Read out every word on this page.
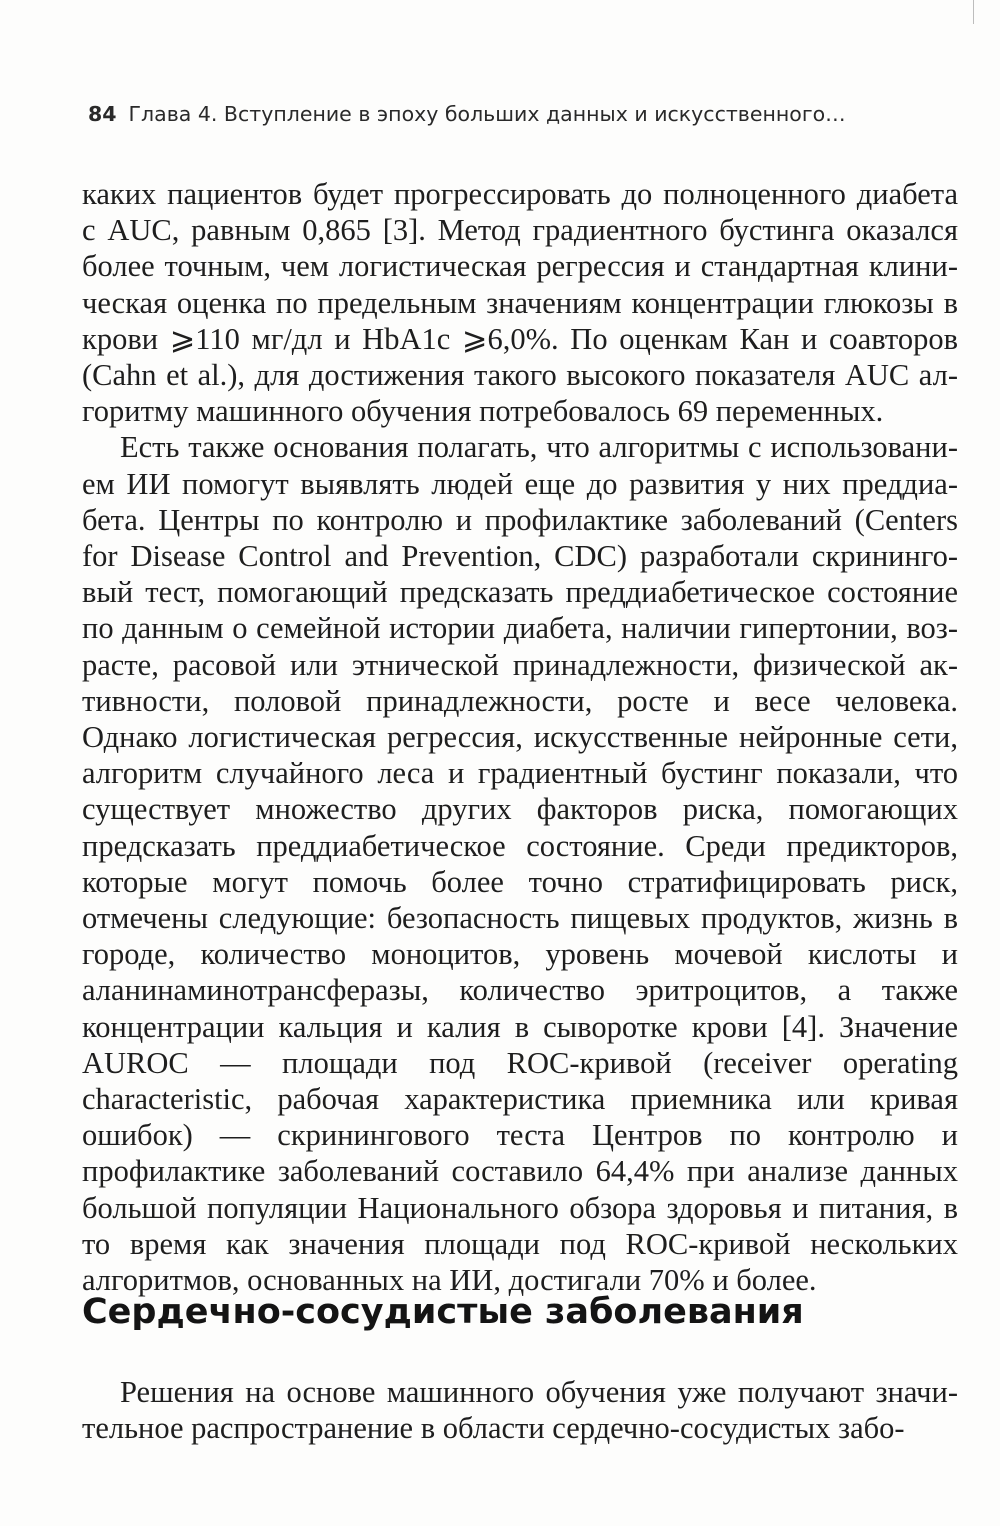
84 Глава 4. Вступление в эпоху больших данных и искусственного…

каких пациентов будет прогрессировать до полноценного диабета с AUC, равным 0,865 [3]. Метод градиентного бустинга оказался более точным, чем логистическая регрессия и стандартная клиническая оценка по предельным значениям концентрации глюкозы в крови ⩾110 мг/дл и HbA1c ⩾6,0%. По оценкам Кан и соавторов (Cahn et al.), для достижения такого высокого показателя AUC алгоритму машинного обучения потребовалось 69 переменных.

Есть также основания полагать, что алгоритмы с использованием ИИ помогут выявлять людей еще до развития у них преддиабета. Центры по контролю и профилактике заболеваний (Centers for Disease Control and Prevention, CDC) разработали скрининговый тест, помогающий предсказать преддиабетическое состояние по данным о семейной истории диабета, наличии гипертонии, возрасте, расовой или этнической принадлежности, физической активности, половой принадлежности, росте и весе человека. Однако логистическая регрессия, искусственные нейронные сети, алгоритм случайного леса и градиентный бустинг показали, что существует множество других факторов риска, помогающих предсказать преддиабетическое состояние. Среди предикторов, которые могут помочь более точно стратифицировать риск, отмечены следующие: безопасность пищевых продуктов, жизнь в городе, количество моноцитов, уровень мочевой кислоты и аланинаминотрансферазы, количество эритроцитов, а также концентрации кальция и калия в сыворотке крови [4]. Значение AUROC — площади под ROC-кривой (receiver operating characteristic, рабочая характеристика приемника или кривая ошибок) — скринингового теста Центров по контролю и профилактике заболеваний составило 64,4% при анализе данных большой популяции Национального обзора здоровья и питания, в то время как значения площади под ROC-кривой нескольких алгоритмов, основанных на ИИ, достигали 70% и более.

Сердечно-сосудистые заболевания

Решения на основе машинного обучения уже получают значительное распространение в области сердечно-сосудистых забо-
